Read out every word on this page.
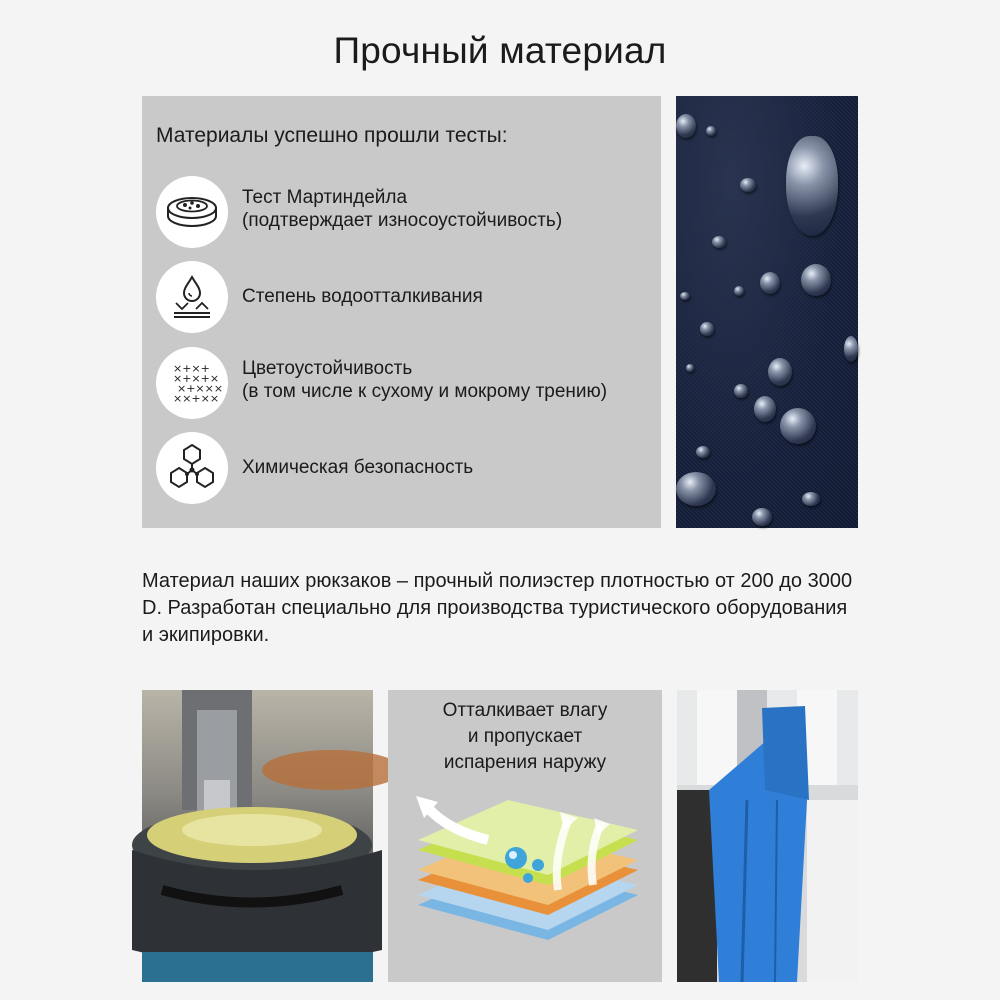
Прочный материал
Материалы успешно прошли тесты:
Тест Мартиндейла
(подтверждает износоустойчивость)
Степень водоотталкивания
×+×+
×+×+×
×+×××
××+××
Цветоустойчивость
(в том числе к сухому и мокрому трению)
Химическая безопасность
Материал наших рюкзаков – прочный полиэстер плотностью от 200 до 3000 D. Разработан специально для производства туристического оборудования и экипировки.
Отталкивает влагу
и пропускает
испарения наружу
